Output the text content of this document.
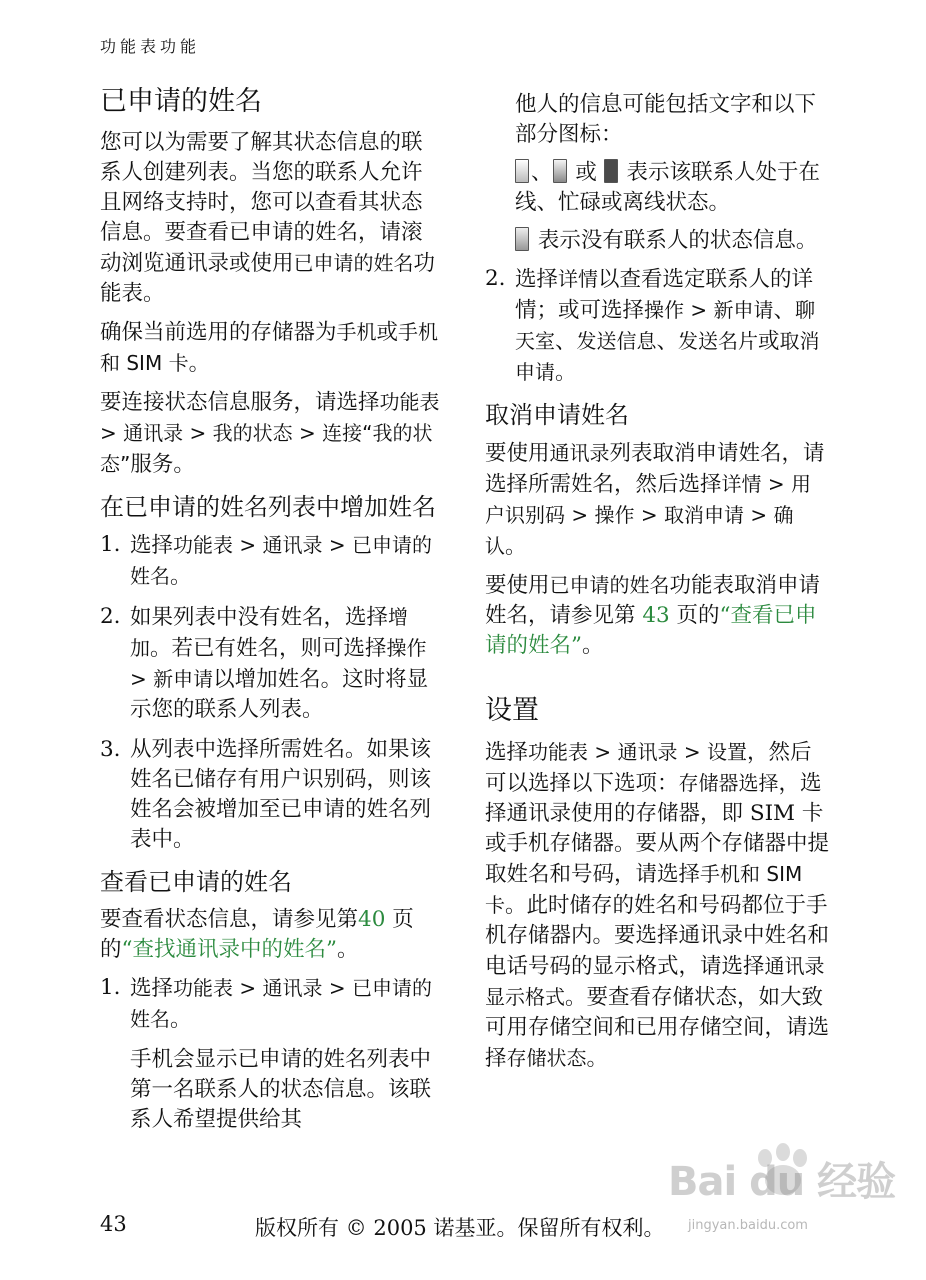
功能表功能
已申请的姓名

您可以为需要了解其状态信息的联系人创建列表。当您的联系人允许且网络支持时，您可以查看其状态信息。要查看已申请的姓名，请滚动浏览通讯录或使用已申请的姓名功能表。

确保当前选用的存储器为手机或手机和 SIM 卡。

要连接状态信息服务，请选择功能表 > 通讯录 > 我的状态 > 连接“我的状态”服务。

在已申请的姓名列表中增加姓名
1. 选择功能表 > 通讯录 > 已申请的姓名。
2. 如果列表中没有姓名，选择增加。若已有姓名，则可选择操作 > 新申请以增加姓名。这时将显示您的联系人列表。
3. 从列表中选择所需姓名。如果该姓名已储存有用户识别码，则该姓名会被增加至已申请的姓名列表中。
查看已申请的姓名

要查看状态信息，请参见第40 页的“查找通讯录中的姓名”。

1. 选择功能表 > 通讯录 > 已申请的姓名。

手机会显示已申请的姓名列表中第一名联系人的状态信息。该联系人希望提供给其

他人的信息可能包括文字和以下部分图标：

、 或  表示该联系人处于在线、忙碌或离线状态。

表示没有联系人的状态信息。

2. 选择详情以查看选定联系人的详情；或可选择操作 > 新申请、聊天室、发送信息、发送名片或取消申请。
取消申请姓名

要使用通讯录列表取消申请姓名，请选择所需姓名，然后选择详情 > 用户识别码 > 操作 > 取消申请 > 确认。

要使用已申请的姓名功能表取消申请姓名，请参见第 43 页的“查看已申请的姓名”。

设置

选择功能表 > 通讯录 > 设置，然后可以选择以下选项：存储器选择，选择通讯录使用的存储器，即 SIM 卡或手机存储器。要从两个存储器中提取姓名和号码，请选择手机和 SIM 卡。此时储存的姓名和号码都位于手机存储器内。要选择通讯录中姓名和电话号码的显示格式，请选择通讯录显示格式。要查看存储状态，如大致可用存储空间和已用存储空间，请选择存储状态。

Bai du 经验
jingyan.baidu.com
43	版权所有 © 2005 诺基亚。保留所有权利。
